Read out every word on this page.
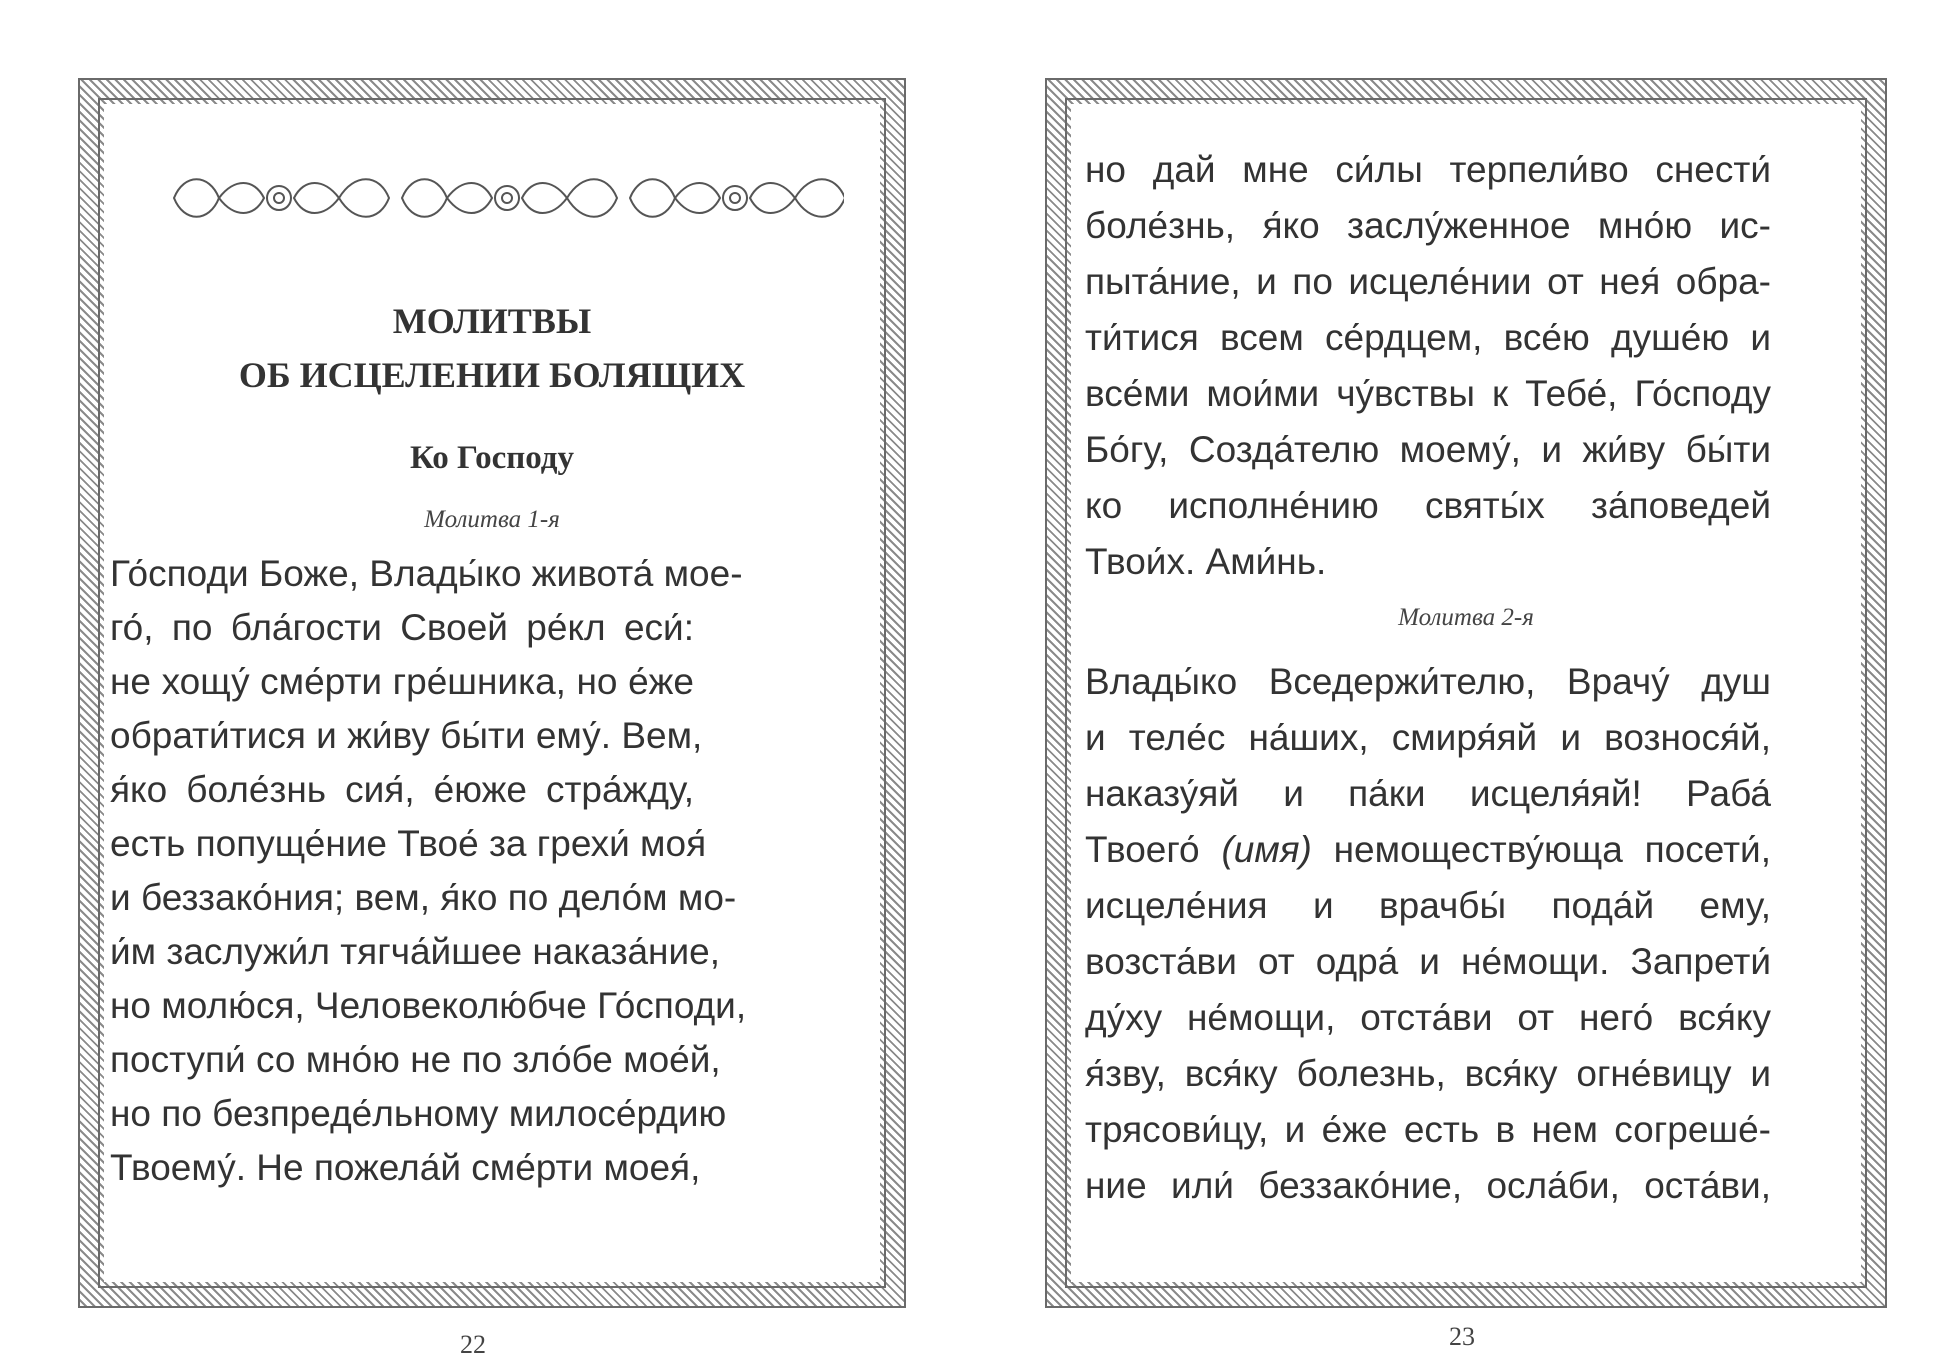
МОЛИТВЫ
ОБ ИСЦЕЛЕНИИ БОЛЯЩИХ
Ко Господу
Молитва 1-я
Го́споди Боже, Влады́ко живота́ мое-
го́, по бла́гости Своей ре́кл еси́:
не хощу́ сме́рти гре́шника, но е́же
обрати́тися и жи́ву бы́ти ему́. Вем,
я́ко боле́знь сия́, е́юже стра́жду,
есть попуще́ние Твое́ за грехи́ моя́
и беззако́ния; вем, я́ко по дело́м мо-
и́м заслужи́л тягча́йшее наказа́ние,
но молю́ся, Человеколю́бче Го́споди,
поступи́ со мно́ю не по зло́бе мое́й,
но по безпреде́льному милосе́рдию
Твоему́. Не пожела́й сме́рти моея́,
22
но дай мне си́лы терпели́во снести́
боле́знь, я́ко заслу́женное мно́ю ис-
пыта́ние, и по исцеле́нии от нея́ обра-
ти́тися всем се́рдцем, все́ю душе́ю и
все́ми мои́ми чу́вствы к Тебе́, Го́споду
Бо́гу, Созда́телю моему́, и жи́ву бы́ти
ко исполне́нию святы́х за́поведей
Твои́х. Ами́нь.
Молитва 2-я
Влады́ко Вседержи́телю, Врачу́ душ
и теле́с на́ших, смиря́яй и вознося́й,
наказу́яй и па́ки исцеля́яй! Раба́
Твоего́ (имя) немоществу́юща посети́,
исцеле́ния и врачбы́ пода́й ему,
возста́ви от одра́ и не́мощи. Запрети́
ду́ху не́мощи, отста́ви от него́ вся́ку
я́зву, вся́ку болезнь, вся́ку огне́вицу и
трясови́цу, и е́же есть в нем согреше́-
ние или́ беззако́ние, осла́би, оста́ви,
23
